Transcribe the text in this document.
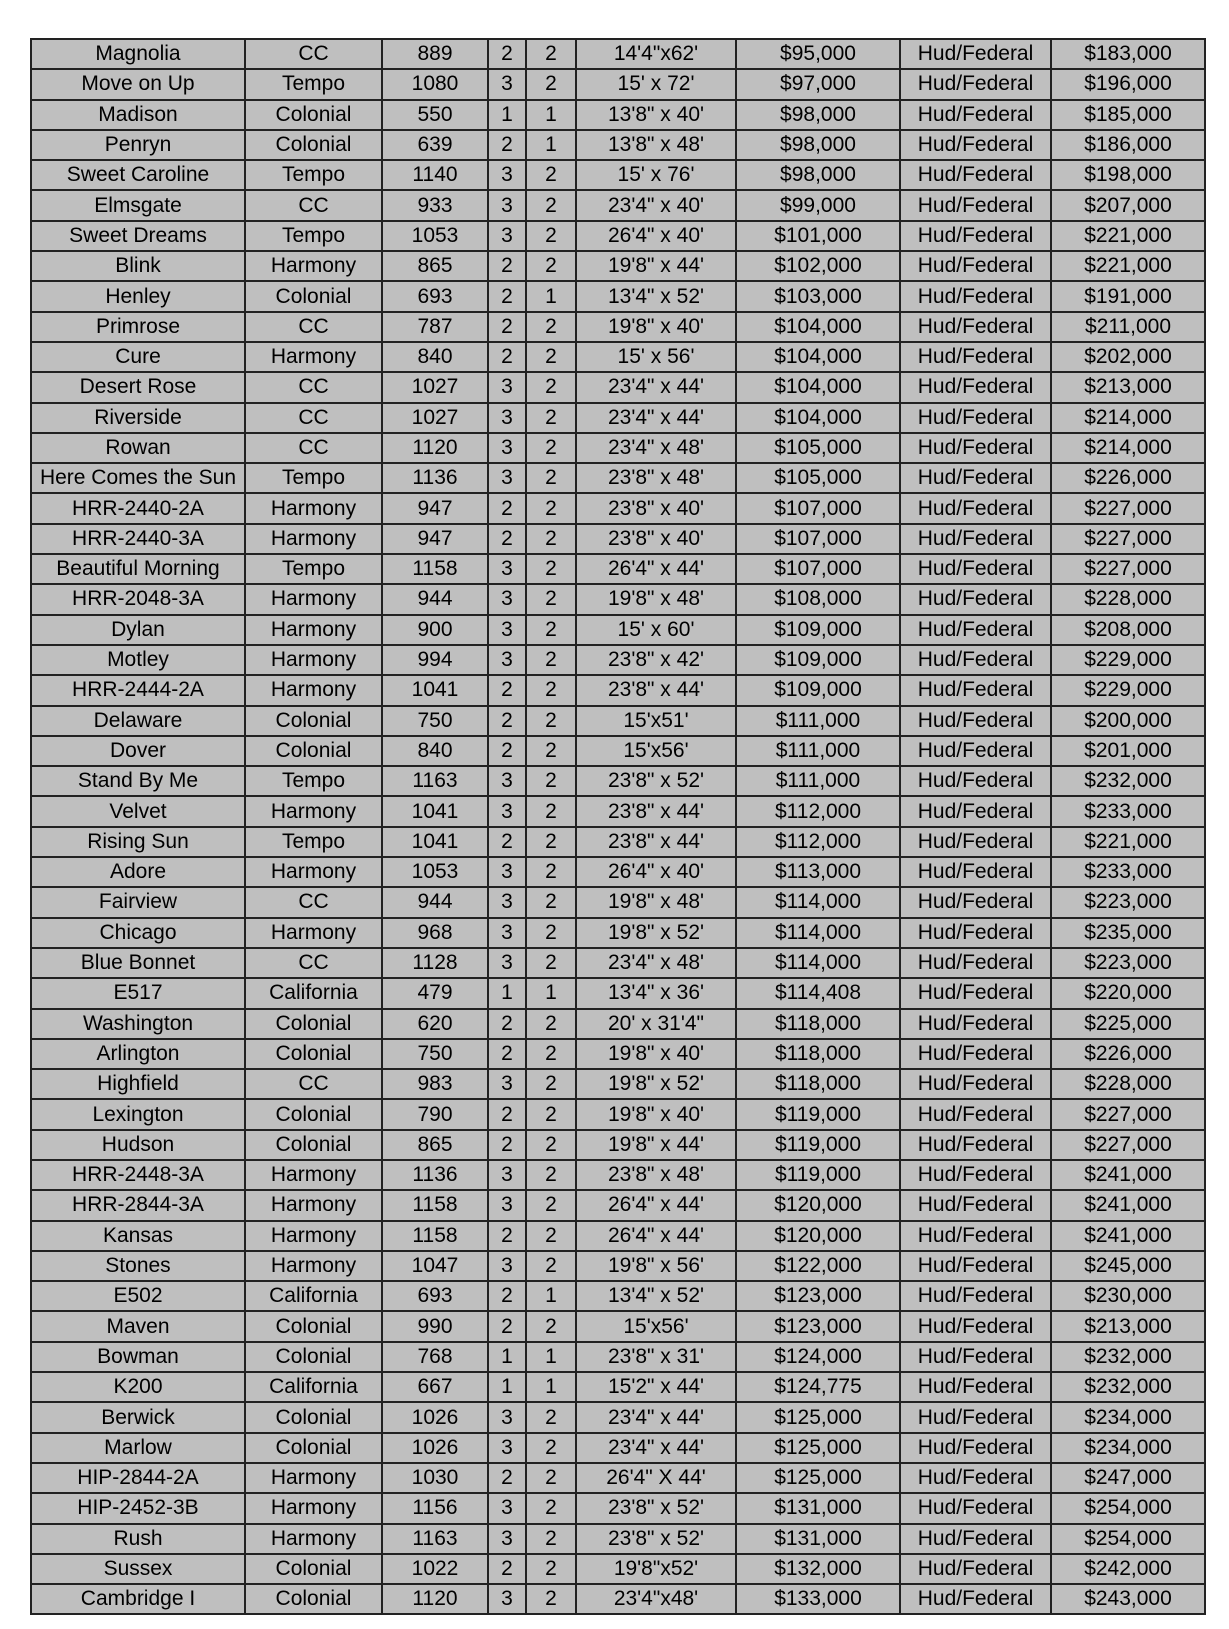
Magnolia	CC	889	2	2	14'4"x62'	$95,000	Hud/Federal	$183,000
Move on Up	Tempo	1080	3	2	15' x 72'	$97,000	Hud/Federal	$196,000
Madison	Colonial	550	1	1	13'8" x 40'	$98,000	Hud/Federal	$185,000
Penryn	Colonial	639	2	1	13'8" x 48'	$98,000	Hud/Federal	$186,000
Sweet Caroline	Tempo	1140	3	2	15' x 76'	$98,000	Hud/Federal	$198,000
Elmsgate	CC	933	3	2	23'4" x 40'	$99,000	Hud/Federal	$207,000
Sweet Dreams	Tempo	1053	3	2	26'4" x 40'	$101,000	Hud/Federal	$221,000
Blink	Harmony	865	2	2	19'8" x 44'	$102,000	Hud/Federal	$221,000
Henley	Colonial	693	2	1	13'4" x 52'	$103,000	Hud/Federal	$191,000
Primrose	CC	787	2	2	19'8" x 40'	$104,000	Hud/Federal	$211,000
Cure	Harmony	840	2	2	15' x 56'	$104,000	Hud/Federal	$202,000
Desert Rose	CC	1027	3	2	23'4" x 44'	$104,000	Hud/Federal	$213,000
Riverside	CC	1027	3	2	23'4" x 44'	$104,000	Hud/Federal	$214,000
Rowan	CC	1120	3	2	23'4" x 48'	$105,000	Hud/Federal	$214,000
Here Comes the Sun	Tempo	1136	3	2	23'8" x 48'	$105,000	Hud/Federal	$226,000
HRR-2440-2A	Harmony	947	2	2	23'8" x 40'	$107,000	Hud/Federal	$227,000
HRR-2440-3A	Harmony	947	2	2	23'8" x 40'	$107,000	Hud/Federal	$227,000
Beautiful Morning	Tempo	1158	3	2	26'4" x 44'	$107,000	Hud/Federal	$227,000
HRR-2048-3A	Harmony	944	3	2	19'8" x 48'	$108,000	Hud/Federal	$228,000
Dylan	Harmony	900	3	2	15' x 60'	$109,000	Hud/Federal	$208,000
Motley	Harmony	994	3	2	23'8" x 42'	$109,000	Hud/Federal	$229,000
HRR-2444-2A	Harmony	1041	2	2	23'8" x 44'	$109,000	Hud/Federal	$229,000
Delaware	Colonial	750	2	2	15'x51'	$111,000	Hud/Federal	$200,000
Dover	Colonial	840	2	2	15'x56'	$111,000	Hud/Federal	$201,000
Stand By Me	Tempo	1163	3	2	23'8" x 52'	$111,000	Hud/Federal	$232,000
Velvet	Harmony	1041	3	2	23'8" x 44'	$112,000	Hud/Federal	$233,000
Rising Sun	Tempo	1041	2	2	23'8" x 44'	$112,000	Hud/Federal	$221,000
Adore	Harmony	1053	3	2	26'4" x 40'	$113,000	Hud/Federal	$233,000
Fairview	CC	944	3	2	19'8" x 48'	$114,000	Hud/Federal	$223,000
Chicago	Harmony	968	3	2	19'8" x 52'	$114,000	Hud/Federal	$235,000
Blue Bonnet	CC	1128	3	2	23'4" x 48'	$114,000	Hud/Federal	$223,000
E517	California	479	1	1	13'4" x 36'	$114,408	Hud/Federal	$220,000
Washington	Colonial	620	2	2	20' x 31'4"	$118,000	Hud/Federal	$225,000
Arlington	Colonial	750	2	2	19'8" x 40'	$118,000	Hud/Federal	$226,000
Highfield	CC	983	3	2	19'8" x 52'	$118,000	Hud/Federal	$228,000
Lexington	Colonial	790	2	2	19'8" x 40'	$119,000	Hud/Federal	$227,000
Hudson	Colonial	865	2	2	19'8" x 44'	$119,000	Hud/Federal	$227,000
HRR-2448-3A	Harmony	1136	3	2	23'8" x 48'	$119,000	Hud/Federal	$241,000
HRR-2844-3A	Harmony	1158	3	2	26'4" x 44'	$120,000	Hud/Federal	$241,000
Kansas	Harmony	1158	2	2	26'4" x 44'	$120,000	Hud/Federal	$241,000
Stones	Harmony	1047	3	2	19'8" x 56'	$122,000	Hud/Federal	$245,000
E502	California	693	2	1	13'4" x 52'	$123,000	Hud/Federal	$230,000
Maven	Colonial	990	2	2	15'x56'	$123,000	Hud/Federal	$213,000
Bowman	Colonial	768	1	1	23'8" x 31'	$124,000	Hud/Federal	$232,000
K200	California	667	1	1	15'2" x 44'	$124,775	Hud/Federal	$232,000
Berwick	Colonial	1026	3	2	23'4" x 44'	$125,000	Hud/Federal	$234,000
Marlow	Colonial	1026	3	2	23'4" x 44'	$125,000	Hud/Federal	$234,000
HIP-2844-2A	Harmony	1030	2	2	26'4" X 44'	$125,000	Hud/Federal	$247,000
HIP-2452-3B	Harmony	1156	3	2	23'8" x 52'	$131,000	Hud/Federal	$254,000
Rush	Harmony	1163	3	2	23'8" x 52'	$131,000	Hud/Federal	$254,000
Sussex	Colonial	1022	2	2	19'8"x52'	$132,000	Hud/Federal	$242,000
Cambridge I	Colonial	1120	3	2	23'4"x48'	$133,000	Hud/Federal	$243,000
